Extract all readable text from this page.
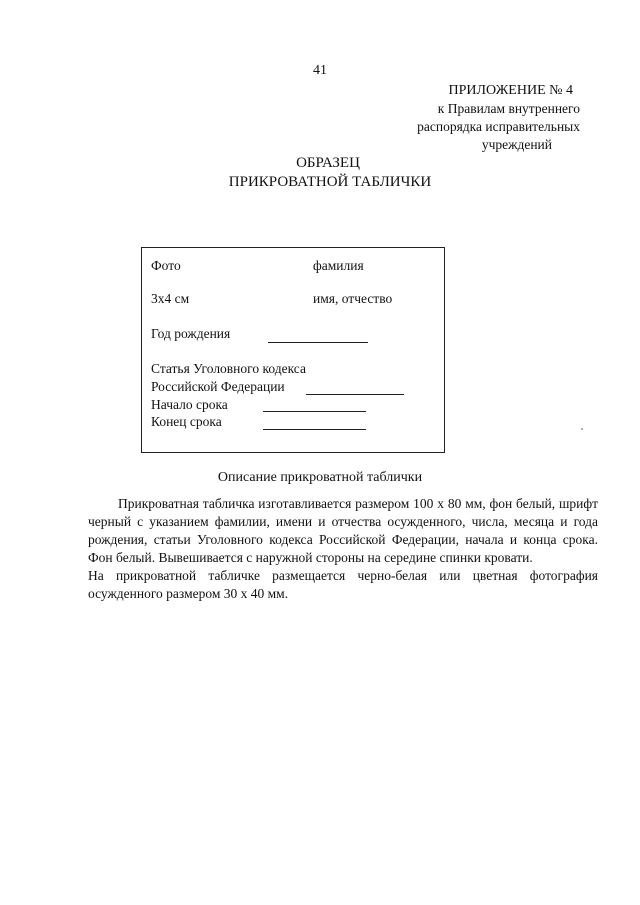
41
ПРИЛОЖЕНИЕ № 4
к Правилам внутреннего
распорядка исправительных
учреждений
ОБРАЗЕЦ
ПРИКРОВАТНОЙ ТАБЛИЧКИ
Фото	фамилия
3х4 см	имя, отчество
Год рождения
Статья Уголовного кодекса
Российской Федерации
Начало срока
Конец срока
Описание прикроватной таблички

Прикроватная табличка изготавливается размером 100 х 80 мм, фон белый, шрифт черный с указанием фамилии, имени и отчества осужденного, числа, месяца и года рождения, статьи Уголовного кодекса Российской Федерации, начала и конца срока. Фон белый. Вывешивается с наружной стороны на середине спинки кровати.

На прикроватной табличке размещается черно-белая или цветная фотография осужденного размером 30 х 40 мм.
